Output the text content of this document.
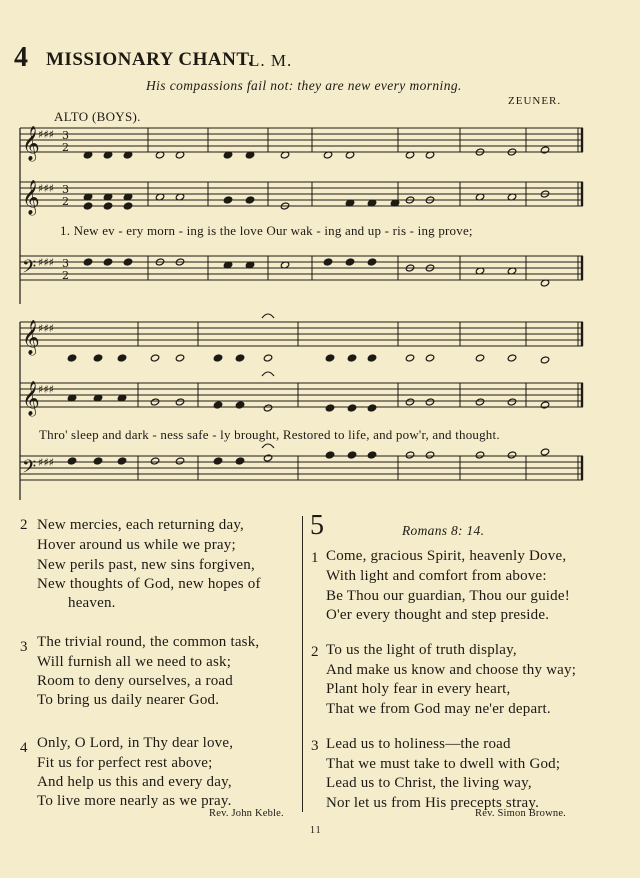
4 MISSIONARY CHANT.
L. M.
His compassions fail not: they are new every morning.
ZEUNER.
ALTO (BOYS).
𝄞
𝄞
𝄞
𝄞
𝄢
𝄢
♯♯♯
♯♯♯
♯♯♯
♯♯♯
♯♯♯
♯♯♯
3
2
3
2
3
2
1. New ev - ery morn - ing is the love Our wak - ing and up - ris - ing prove;
Thro' sleep and dark - ness safe - ly brought, Restored to life, and pow'r, and thought.
2 New mercies, each returning day,
Hover around us while we pray;
New perils past, new sins forgiven,
New thoughts of God, new hopes of
heaven.
3 The trivial round, the common task,
Will furnish all we need to ask;
Room to deny ourselves, a road
To bring us daily nearer God.
4 Only, O Lord, in Thy dear love,
Fit us for perfect rest above;
And help us this and every day,
To live more nearly as we pray.
5	Romans 8: 14.
1 Come, gracious Spirit, heavenly Dove,
With light and comfort from above:
Be Thou our guardian, Thou our guide!
O'er every thought and step preside.
2 To us the light of truth display,
And make us know and choose thy way;
Plant holy fear in every heart,
That we from God may ne'er depart.
3 Lead us to holiness—the road
That we must take to dwell with God;
Lead us to Christ, the living way,
Nor let us from His precepts stray.
Rev. John Keble.	Rev. Simon Browne.
11
